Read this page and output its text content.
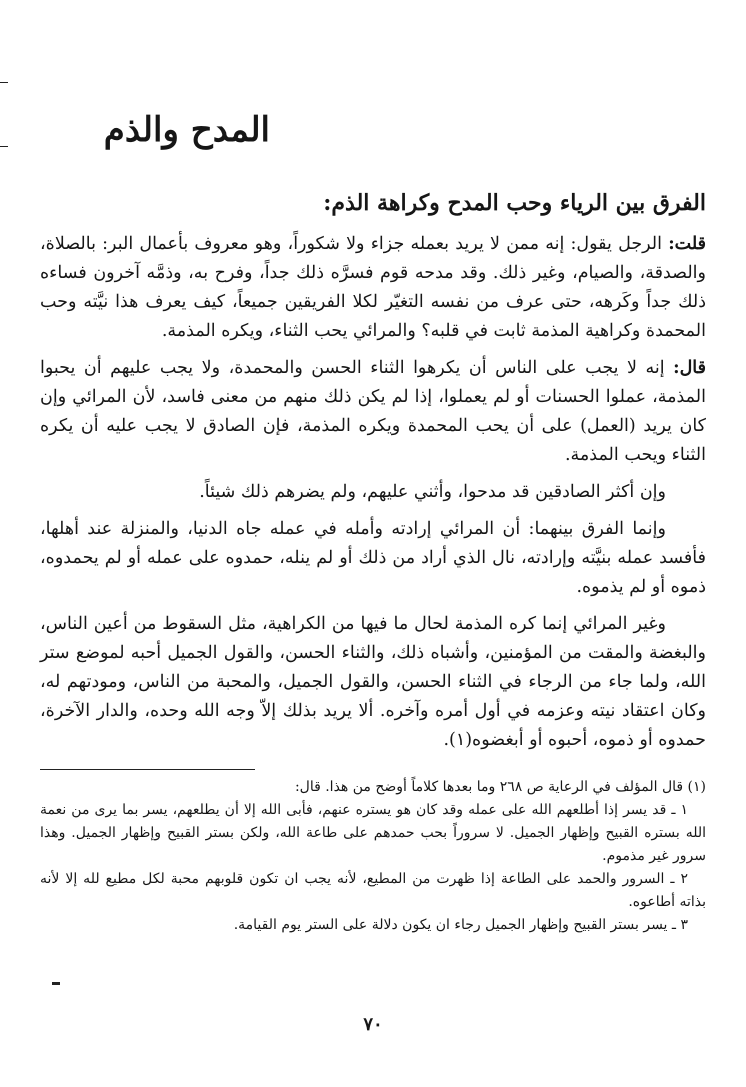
المدح والذم
الفرق بين الرياء وحب المدح وكراهة الذم:

قلت: الرجل يقول: إنه ممن لا يريد بعمله جزاء ولا شكوراً، وهو معروف بأعمال البر: بالصلاة، والصدقة، والصيام، وغير ذلك. وقد مدحه قوم فسرَّه ذلك جداً، وفرح به، وذمَّه آخرون فساءه ذلك جداً وكَرهه، حتى عرف من نفسه التغيّر لكلا الفريقين جميعاً، كيف يعرف هذا نيَّته وحب المحمدة وكراهية المذمة ثابت في قلبه؟ والمرائي يحب الثناء، ويكره المذمة.

قال: إنه لا يجب على الناس أن يكرهوا الثناء الحسن والمحمدة، ولا يجب عليهم أن يحبوا المذمة، عملوا الحسنات أو لم يعملوا، إذا لم يكن ذلك منهم من معنى فاسد، لأن المرائي وإن كان يريد (العمل) على أن يحب المحمدة ويكره المذمة، فإن الصادق لا يجب عليه أن يكره الثناء ويحب المذمة.

وإن أكثر الصادقين قد مدحوا، وأثني عليهم، ولم يضرهم ذلك شيئاً.

وإنما الفرق بينهما: أن المرائي إرادته وأمله في عمله جاه الدنيا، والمنزلة عند أهلها، فأفسد عمله بنيَّته وإرادته، نال الذي أراد من ذلك أو لم ينله، حمدوه على عمله أو لم يحمدوه، ذموه أو لم يذموه.

وغير المرائي إنما كره المذمة لحال ما فيها من الكراهية، مثل السقوط من أعين الناس، والبغضة والمقت من المؤمنين، وأشباه ذلك، والثناء الحسن، والقول الجميل أحبه لموضع ستر الله، ولما جاء من الرجاء في الثناء الحسن، والقول الجميل، والمحبة من الناس، ومودتهم له، وكان اعتقاد نيته وعزمه في أول أمره وآخره. ألا يريد بذلك إلاّ وجه الله وحده، والدار الآخرة، حمدوه أو ذموه، أحبوه أو أبغضوه(١).

(١) قال المؤلف في الرعاية ص ٢٦٨ وما بعدها كلاماً أوضح من هذا. قال:

١ ـ قد يسر إذا أطلعهم الله على عمله وقد كان هو يستره عنهم، فأبى الله إلا أن يطلعهم، يسر بما يرى من نعمة الله بستره القبيح وإظهار الجميل. لا سروراً بحب حمدهم على طاعة الله، ولكن بستر القبيح وإظهار الجميل. وهذا سرور غير مذموم.

٢ ـ السرور والحمد على الطاعة إذا ظهرت من المطيع، لأنه يجب ان تكون قلوبهم محبة لكل مطيع لله إلا لأنه بذاته أطاعوه.

٣ ـ يسر بستر القبيح وإظهار الجميل رجاء ان يكون دلالة على الستر يوم القيامة.

٧٠
